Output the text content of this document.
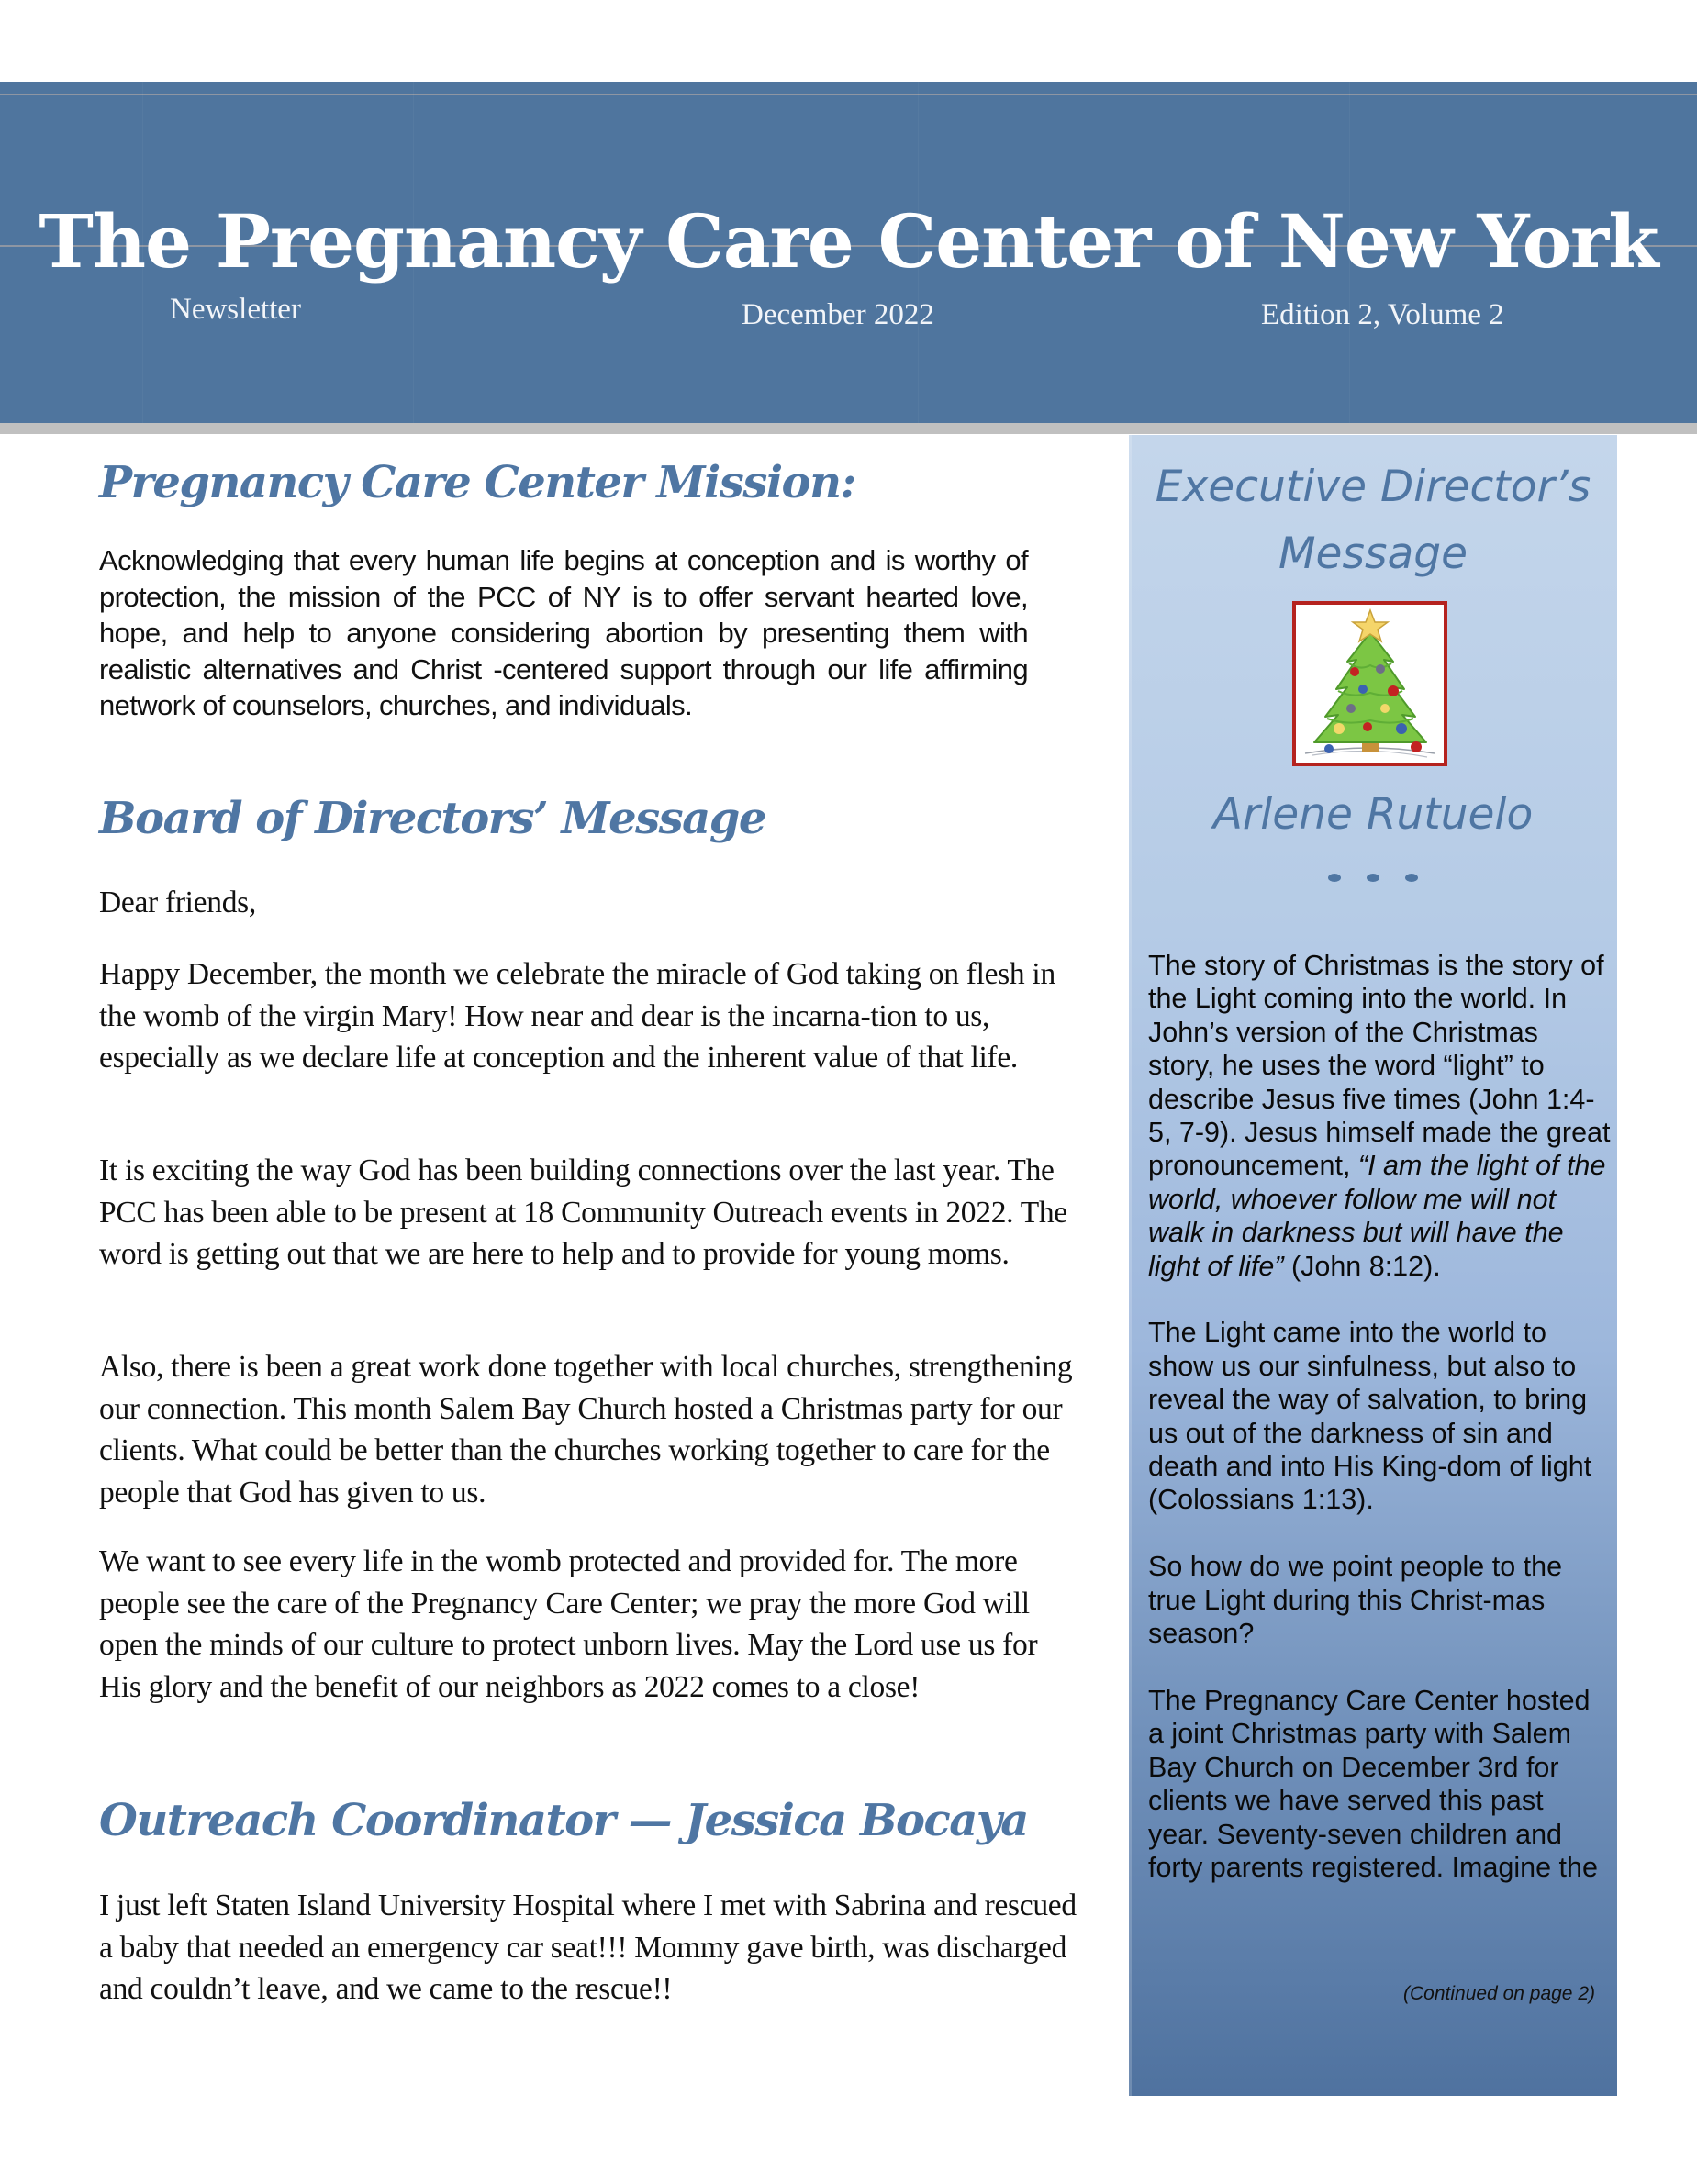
The Pregnancy Care Center of New York
Newsletter	December 2022	Edition 2, Volume 2
Pregnancy Care Center Mission:

Acknowledging that every human life begins at conception and is worthy of protection, the mission of the PCC of NY is to offer servant hearted love, hope, and help to anyone considering abortion by presenting them with realistic alternatives and Christ -centered support through our life affirming network of counselors, churches, and individuals.

Board of Directors’ Message

Dear friends,

Happy December, the month we celebrate the miracle of God taking on flesh in the womb of the virgin Mary! How near and dear is the incarna-tion to us, especially as we declare life at conception and the inherent value of that life.

It is exciting the way God has been building connections over the last year. The PCC has been able to be present at 18 Community Outreach events in 2022. The word is getting out that we are here to help and to provide for young moms.

Also, there is been a great work done together with local churches, strengthening our connection. This month Salem Bay Church hosted a Christmas party for our clients. What could be better than the churches working together to care for the people that God has given to us.

We want to see every life in the womb protected and provided for. The more people see the care of the Pregnancy Care Center; we pray the more God will open the minds of our culture to protect unborn lives. May the Lord use us for His glory and the benefit of our neighbors as 2022 comes to a close!

Outreach Coordinator — Jessica Bocaya

I just left Staten Island University Hospital where I met with Sabrina and rescued a baby that needed an emergency car seat!!! Mommy gave birth, was discharged and couldn’t leave, and we came to the rescue!!

Executive Director’s
Message
Arlene Rutuelo

The story of Christmas is the story of the Light coming into the world. In John’s version of the Christmas story, he uses the word “light” to describe Jesus five times (John 1:4-5, 7-9). Jesus himself made the great pronouncement, “I am the light of the world, whoever follow me will not walk in darkness but will have the light of life” (John 8:12).

The Light came into the world to show us our sinfulness, but also to reveal the way of salvation, to bring us out of the darkness of sin and death and into His King-dom of light (Colossians 1:13).

So how do we point people to the true Light during this Christ-mas season?

The Pregnancy Care Center hosted a joint Christmas party with Salem Bay Church on December 3rd for clients we have served this past year. Seventy-seven children and forty parents registered. Imagine the

(Continued on page 2)
